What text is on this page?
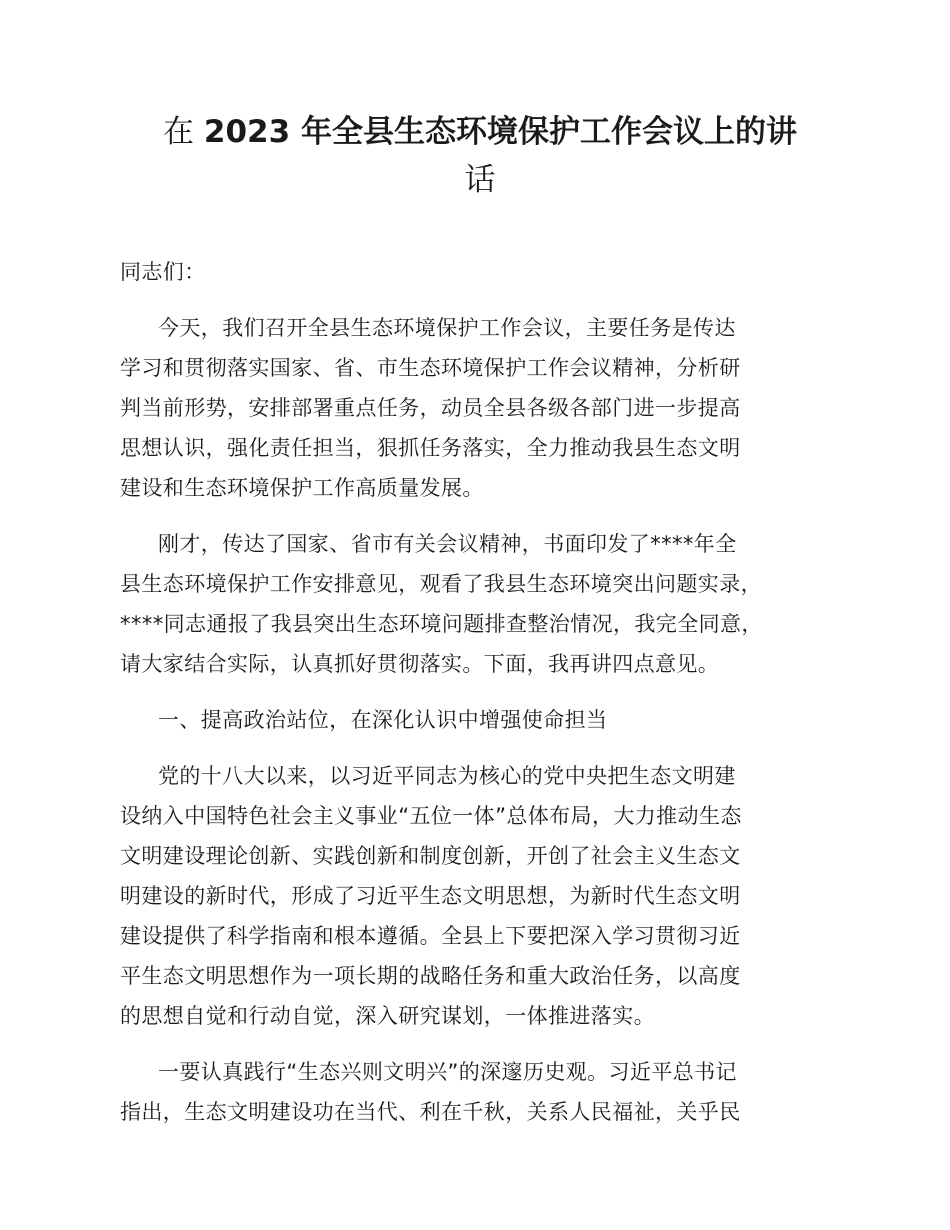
在 2023 年全县生态环境保护工作会议上的讲
话

同志们：

今天，我们召开全县生态环境保护工作会议，主要任务是传达
学习和贯彻落实国家、省、市生态环境保护工作会议精神，分析研
判当前形势，安排部署重点任务，动员全县各级各部门进一步提高
思想认识，强化责任担当，狠抓任务落实，全力推动我县生态文明
建设和生态环境保护工作高质量发展。

刚才，传达了国家、省市有关会议精神，书面印发了****年全
县生态环境保护工作安排意见，观看了我县生态环境突出问题实录，
****同志通报了我县突出生态环境问题排查整治情况，我完全同意，
请大家结合实际，认真抓好贯彻落实。下面，我再讲四点意见。

一、提高政治站位，在深化认识中增强使命担当

党的十八大以来，以习近平同志为核心的党中央把生态文明建
设纳入中国特色社会主义事业“五位一体”总体布局，大力推动生态
文明建设理论创新、实践创新和制度创新，开创了社会主义生态文
明建设的新时代，形成了习近平生态文明思想，为新时代生态文明
建设提供了科学指南和根本遵循。全县上下要把深入学习贯彻习近
平生态文明思想作为一项长期的战略任务和重大政治任务，以高度
的思想自觉和行动自觉，深入研究谋划，一体推进落实。

一要认真践行“生态兴则文明兴”的深邃历史观。习近平总书记
指出，生态文明建设功在当代、利在千秋，关系人民福祉，关乎民
